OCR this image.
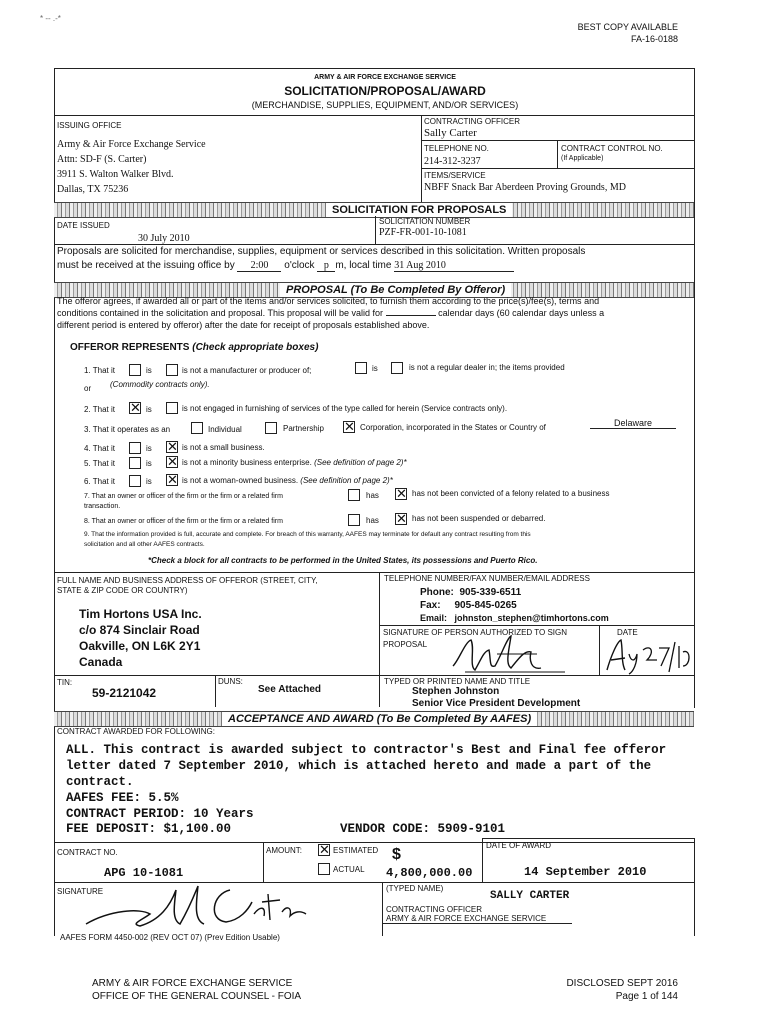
* -- .-*
BEST COPY AVAILABLE
FA-16-0188
ARMY & AIR FORCE EXCHANGE SERVICE
SOLICITATION/PROPOSAL/AWARD
(MERCHANDISE, SUPPLIES, EQUIPMENT, AND/OR SERVICES)
ISSUING OFFICE
Army & Air Force Exchange Service
Attn: SD-F (S. Carter)
3911 S. Walton Walker Blvd.
Dallas, TX 75236
CONTRACTING OFFICER
Sally Carter
TELEPHONE NO.
214-312-3237
CONTRACT CONTROL NO.
(If Applicable)
ITEMS/SERVICE
NBFF Snack Bar Aberdeen Proving Grounds, MD
SOLICITATION FOR PROPOSALS
DATE ISSUED
30 July 2010
SOLICITATION NUMBER
PZF-FR-001-10-1081
Proposals are solicited for merchandise, supplies, equipment or services described in this solicitation. Written proposals
must be received at the issuing office by 2:00 o'clock p m, local time 31 Aug 2010
PROPOSAL (To Be Completed By Offeror)
The offeror agrees, if awarded all or part of the items and/or services solicited, to furnish them according to the price(s)/fee(s), terms and
conditions contained in the solicitation and proposal. This proposal will be valid for	calendar days (60 calendar days unless a
different period is entered by offeror) after the date for receipt of proposals established above.
OFFEROR REPRESENTS (Check appropriate boxes)
1. That it	is	is not a manufacturer or producer of;	is	is not a regular dealer in; the items provided
or (Commodity contracts only).
2. That it ✕ is	is not engaged in furnishing of services of the type called for herein (Service contracts only).
3. That it operates as an	Individual	Partnership ✕ Corporation, incorporated in the States or Country of	Delaware
4. That it	is ✕ is not a small business.
5. That it	is ✕ is not a minority business enterprise. (See definition of page 2)*
6. That it	is ✕ is not a woman-owned business. (See definition of page 2)*
7. That an owner or officer of the firm or the firm or a related firm	has ✕ has not been convicted of a felony related to a business
transaction.
8. That an owner or officer of the firm or the firm or a related firm	has ✕ has not been suspended or debarred.
9. That the information provided is full, accurate and complete. For breach of this warranty, AAFES may terminate for default any contract resulting from this
solicitation and all other AAFES contracts.
*Check a block for all contracts to be performed in the United States, its possessions and Puerto Rico.
FULL NAME AND BUSINESS ADDRESS OF OFFEROR (STREET, CITY,
STATE & ZIP CODE OR COUNTRY)
Tim Hortons USA Inc.
c/o 874 Sinclair Road
Oakville, ON L6K 2Y1
Canada
TELEPHONE NUMBER/FAX NUMBER/EMAIL ADDRESS
Phone: 905-339-6511
Fax: 905-845-0265
Email: johnston_stephen@timhortons.com
SIGNATURE OF PERSON AUTHORIZED TO SIGN
PROPOSAL
DATE
TIN:
59-2121042
DUNS:
See Attached
TYPED OR PRINTED NAME AND TITLE
Stephen Johnston
Senior Vice President Development
ACCEPTANCE AND AWARD (To Be Completed By AAFES)
CONTRACT AWARDED FOR FOLLOWING:
ALL. This contract is awarded subject to contractor's Best and Final fee offeror
letter dated 7 September 2010, which is attached hereto and made a part of the
contract.
AAFES FEE: 5.5%
CONTRACT PERIOD: 10 Years
FEE DEPOSIT: $1,100.00	VENDOR CODE: 5909-9101
CONTRACT NO.
APG 10-1081
AMOUNT: ✕ ESTIMATED
ACTUAL
$
4,800,000.00
DATE OF AWARD
14 September 2010
SIGNATURE	(TYPED NAME)
SALLY CARTER
CONTRACTING OFFICER
ARMY & AIR FORCE EXCHANGE SERVICE
AAFES FORM 4450-002 (REV OCT 07) (Prev Edition Usable)
ARMY & AIR FORCE EXCHANGE SERVICE
OFFICE OF THE GENERAL COUNSEL - FOIA
DISCLOSED SEPT 2016
Page 1 of 144
